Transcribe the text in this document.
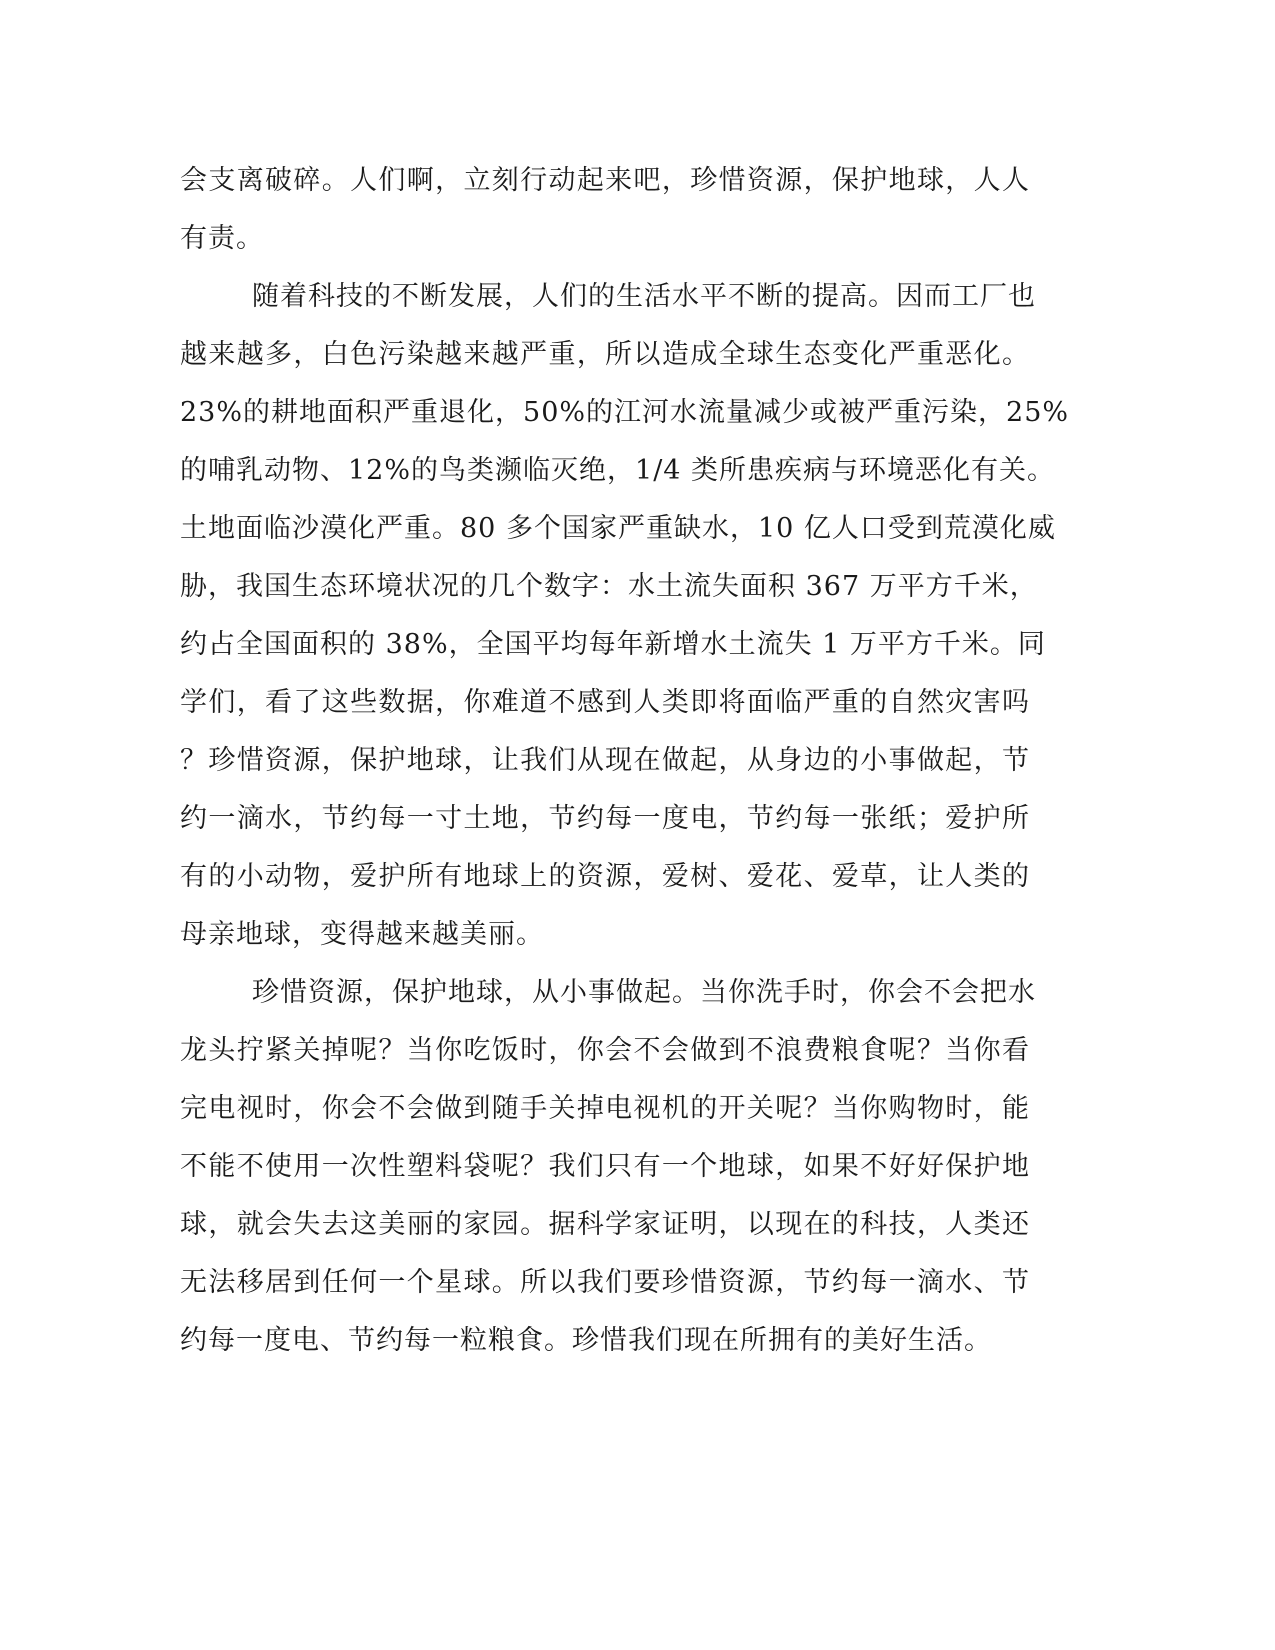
会支离破碎。人们啊，立刻行动起来吧，珍惜资源，保护地球，人人
有责。
随着科技的不断发展，人们的生活水平不断的提高。因而工厂也
越来越多，白色污染越来越严重，所以造成全球生态变化严重恶化。
23%的耕地面积严重退化，50%的江河水流量减少或被严重污染，25%
的哺乳动物、12%的鸟类濒临灭绝，1/4 类所患疾病与环境恶化有关。
土地面临沙漠化严重。80 多个国家严重缺水，10 亿人口受到荒漠化威
胁，我国生态环境状况的几个数字：水土流失面积 367 万平方千米，
约占全国面积的 38%，全国平均每年新增水土流失 1 万平方千米。同
学们，看了这些数据，你难道不感到人类即将面临严重的自然灾害吗
？珍惜资源，保护地球，让我们从现在做起，从身边的小事做起，节
约一滴水，节约每一寸土地，节约每一度电，节约每一张纸；爱护所
有的小动物，爱护所有地球上的资源，爱树、爱花、爱草，让人类的
母亲地球，变得越来越美丽。
珍惜资源，保护地球，从小事做起。当你洗手时，你会不会把水
龙头拧紧关掉呢？当你吃饭时，你会不会做到不浪费粮食呢？当你看
完电视时，你会不会做到随手关掉电视机的开关呢？当你购物时，能
不能不使用一次性塑料袋呢？我们只有一个地球，如果不好好保护地
球，就会失去这美丽的家园。据科学家证明，以现在的科技，人类还
无法移居到任何一个星球。所以我们要珍惜资源，节约每一滴水、节
约每一度电、节约每一粒粮食。珍惜我们现在所拥有的美好生活。
